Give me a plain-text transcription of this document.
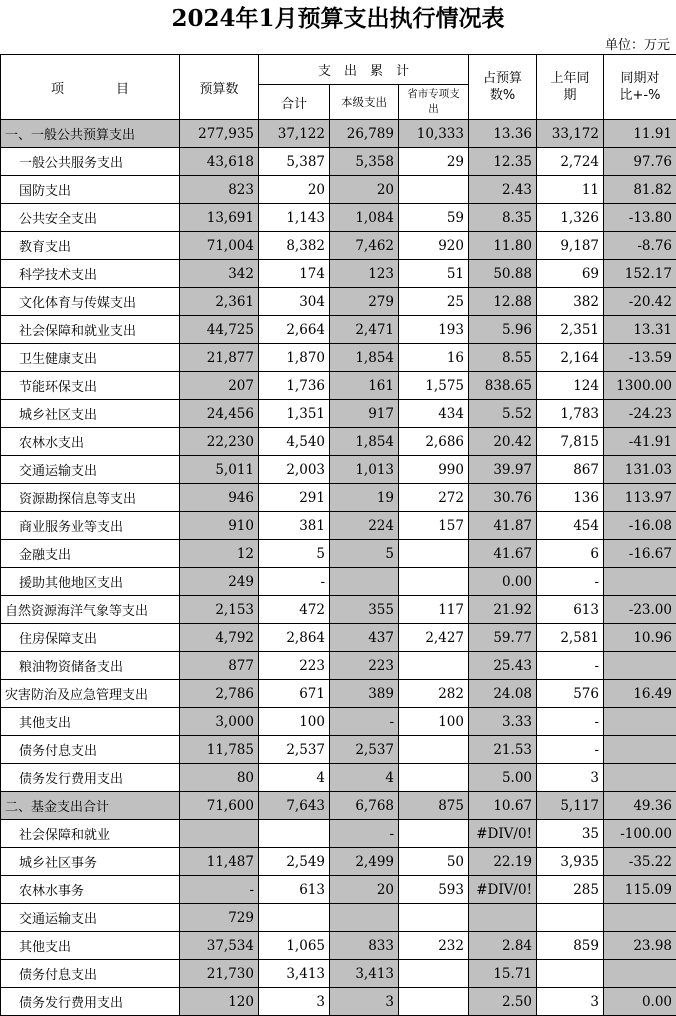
2024年1月预算支出执行情况表
单位：万元
项　　　　目	预算数	支　出　累　计			占预算数%	上年同期	同期对比+-%
		合计	本级支出	省市专项支出			
一、一般公共预算支出	277,935	37,122	26,789	10,333	13.36	33,172	11.91
一般公共服务支出	43,618	5,387	5,358	29	12.35	2,724	97.76
国防支出	823	20	20		2.43	11	81.82
公共安全支出	13,691	1,143	1,084	59	8.35	1,326	-13.80
教育支出	71,004	8,382	7,462	920	11.80	9,187	-8.76
科学技术支出	342	174	123	51	50.88	69	152.17
文化体育与传媒支出	2,361	304	279	25	12.88	382	-20.42
社会保障和就业支出	44,725	2,664	2,471	193	5.96	2,351	13.31
卫生健康支出	21,877	1,870	1,854	16	8.55	2,164	-13.59
节能环保支出	207	1,736	161	1,575	838.65	124	1300.00
城乡社区支出	24,456	1,351	917	434	5.52	1,783	-24.23
农林水支出	22,230	4,540	1,854	2,686	20.42	7,815	-41.91
交通运输支出	5,011	2,003	1,013	990	39.97	867	131.03
资源勘探信息等支出	946	291	19	272	30.76	136	113.97
商业服务业等支出	910	381	224	157	41.87	454	-16.08
金融支出	12	5	5		41.67	6	-16.67
援助其他地区支出	249	-			0.00	-	
自然资源海洋气象等支出	2,153	472	355	117	21.92	613	-23.00
住房保障支出	4,792	2,864	437	2,427	59.77	2,581	10.96
粮油物资储备支出	877	223	223		25.43	-	
灾害防治及应急管理支出	2,786	671	389	282	24.08	576	16.49
其他支出	3,000	100	-	100	3.33	-	
债务付息支出	11,785	2,537	2,537		21.53	-	
债务发行费用支出	80	4	4		5.00	3	
二、基金支出合计	71,600	7,643	6,768	875	10.67	5,117	49.36
社会保障和就业			-		#DIV/0!	35	-100.00
城乡社区事务	11,487	2,549	2,499	50	22.19	3,935	-35.22
农林水事务	-	613	20	593	#DIV/0!	285	115.09
交通运输支出	729						
其他支出	37,534	1,065	833	232	2.84	859	23.98
债务付息支出	21,730	3,413	3,413		15.71		
债务发行费用支出	120	3	3		2.50	3	0.00
